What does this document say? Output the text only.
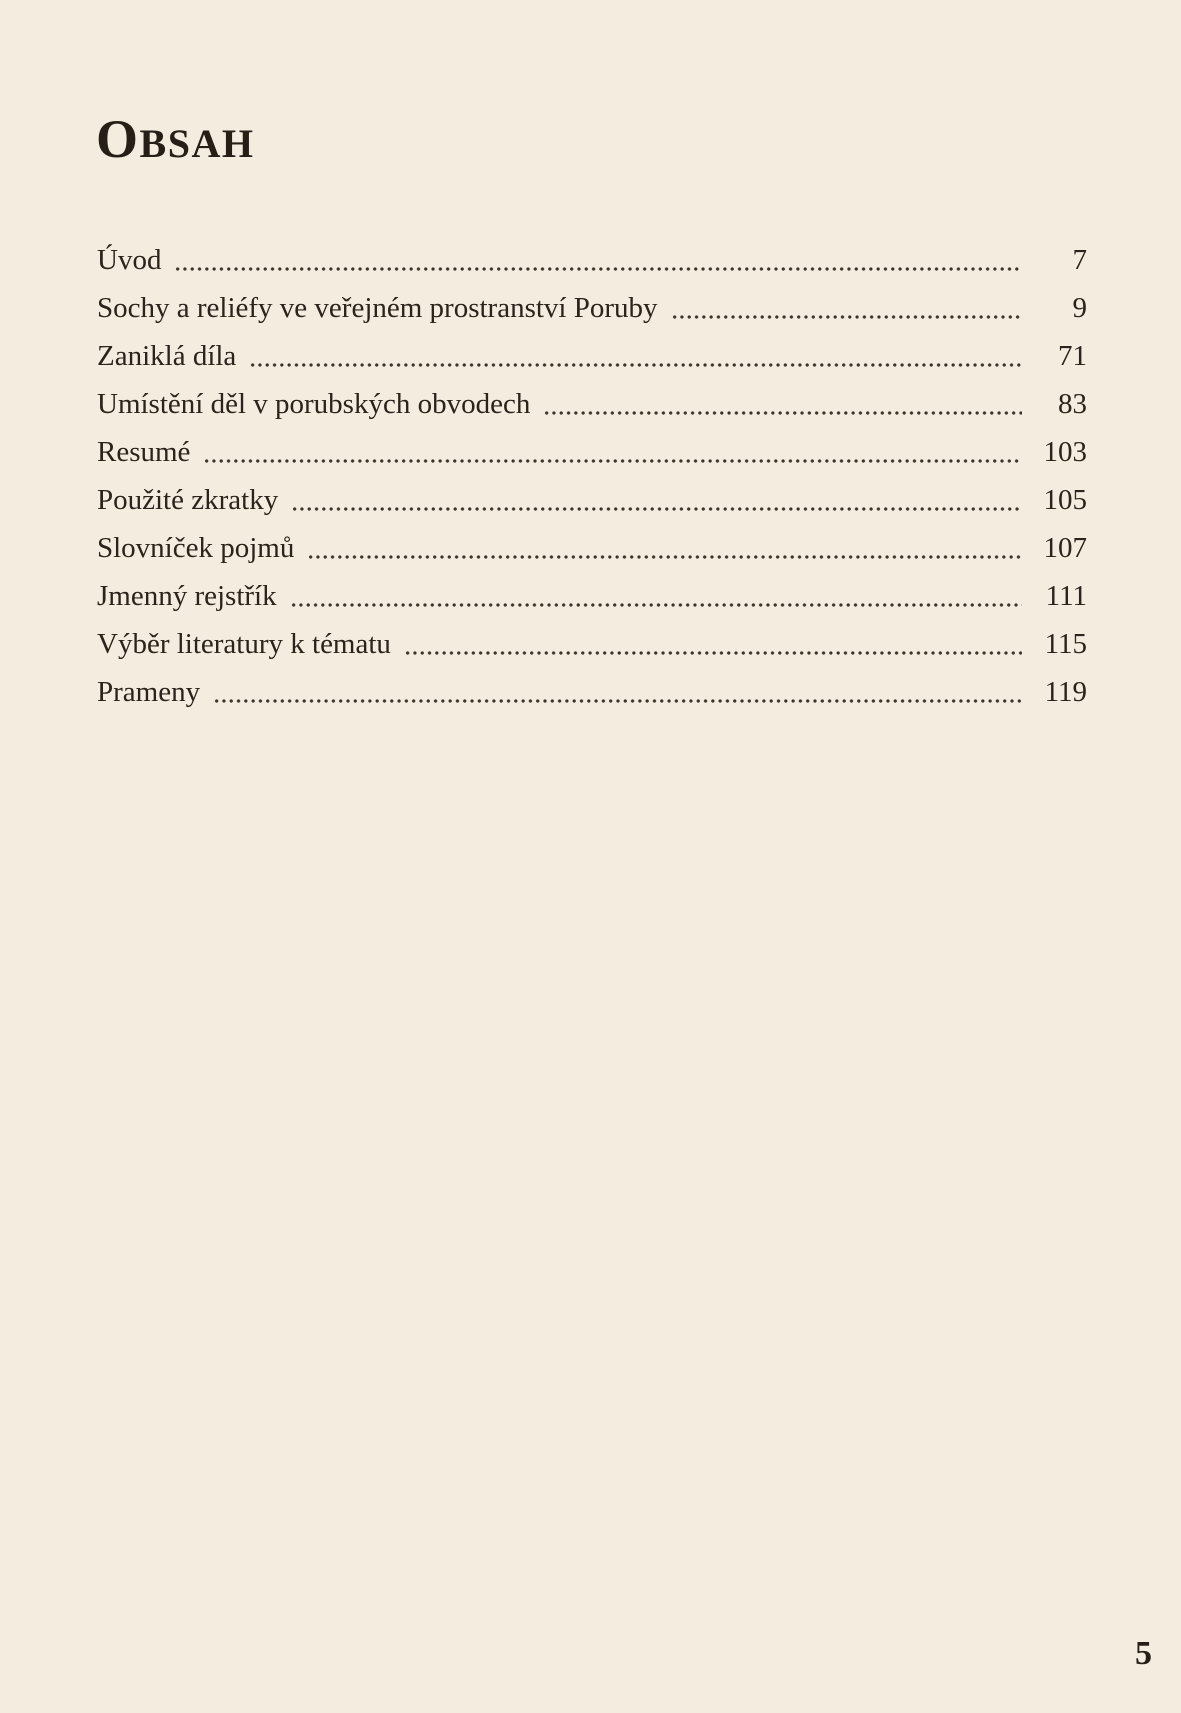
OBSAH
Úvod	7
Sochy a reliéfy ve veřejném prostranství Poruby	9
Zaniklá díla	71
Umístění děl v porubských obvodech	83
Resumé	103
Použité zkratky	105
Slovníček pojmů	107
Jmenný rejstřík	111
Výběr literatury k tématu	115
Prameny	119
5
